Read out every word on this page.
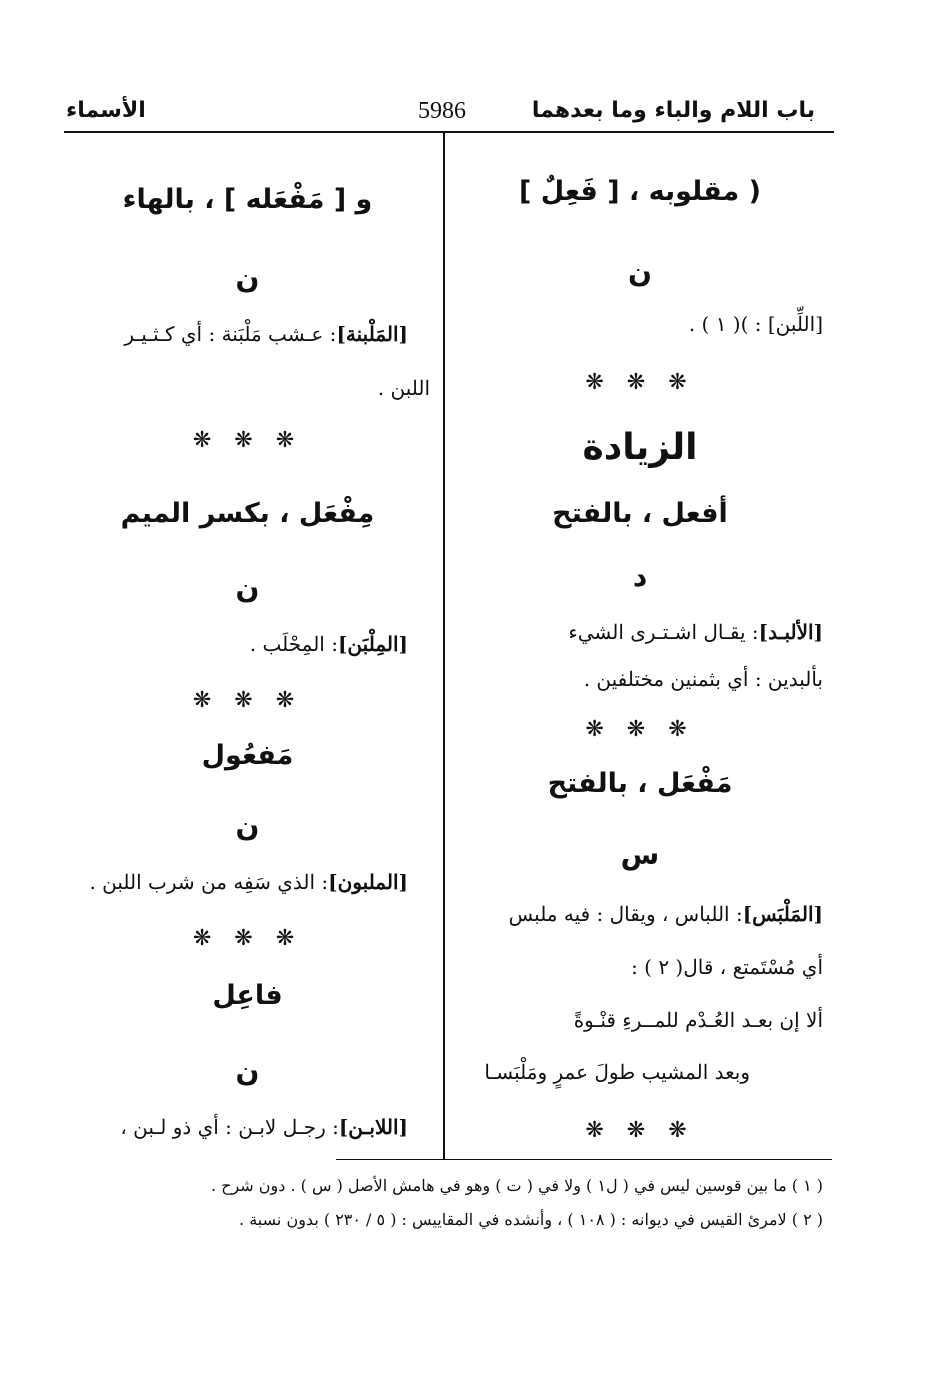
باب اللام والباء وما بعدهما
5986
الأسماء
( مقلوبه ، [ فَعِلٌ ]
ن
[اللِّبن] : )( ١ ) .
❋ ❋ ❋
الزيادة
أفعل ، بالفتح
د
[الألبـد]: يقـال اشـتـرى الشيء
بألبدين : أي بثمنين مختلفين .
❋ ❋ ❋
مَفْعَل ، بالفتح
س
[المَلْبَس]: اللباس ، ويقال : فيه ملبس
أي مُسْتَمتع ، قال( ٢ ) :
ألا إن بعـد العُـدْم للمــرءِ قنْـوةً
وبعد المشيب طولَ عمرٍ ومَلْبَسـا
❋ ❋ ❋
و [ مَفْعَله ] ، بالهاء
ن
[المَلْبنة]: عـشب مَلْبَنة : أي كـثـيـر
اللبن .
❋ ❋ ❋
مِفْعَل ، بكسر الميم
ن
[المِلْبَن]: المِحْلَب .
❋ ❋ ❋
مَفعُول
ن
[الملبون]: الذي سَفِه من شرب اللبن .
❋ ❋ ❋
فاعِل
ن
[اللابـن]: رجـل لابـن : أي ذو لـبن ،
( ١ ) ما بين قوسين ليس في ( ل١ ) ولا في ( ت ) وهو في هامش الأصل ( س ) . دون شرح .
( ٢ ) لامرئ القيس في ديوانه : ( ١٠٨ ) ، وأنشده في المقاييس : ( ٥ / ٢٣٠ ) بدون نسبة .
